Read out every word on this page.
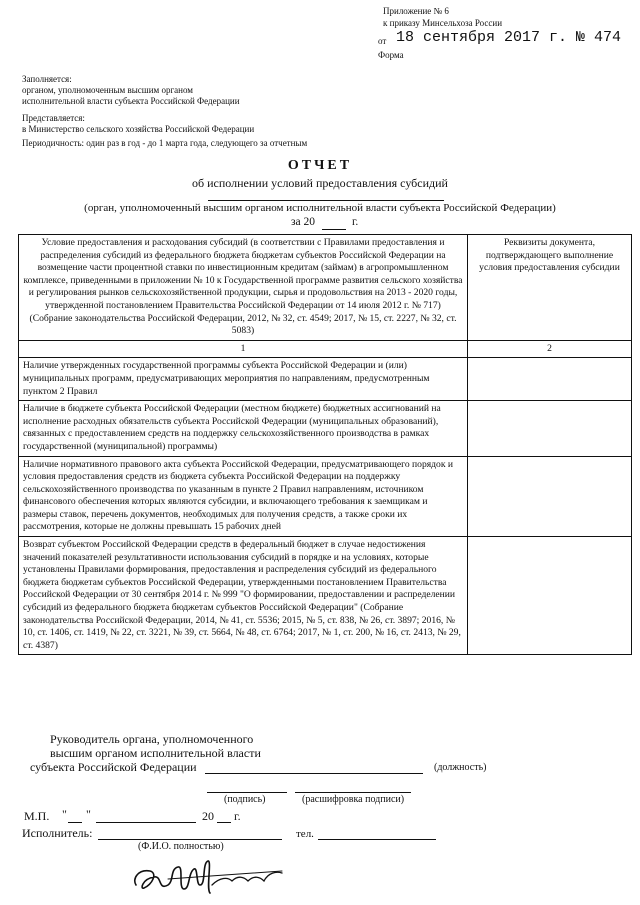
Приложение № 6
к приказу Минсельхоза России
от 18 сентября 2017 г. № 474
Форма
Заполняется:
органом, уполномоченным высшим органом
исполнительной власти субъекта Российской Федерации
Представляется:
в Министерство сельского хозяйства Российской Федерации
Периодичность: один раз в год - до 1 марта года, следующего за отчетным
ОТЧЕТ
об исполнении условий предоставления субсидий
(орган, уполномоченный высшим органом исполнительной власти субъекта Российской Федерации)
за 20	г.
Условие предоставления и расходования субсидий (в соответствии с Правилами предоставления и распределения субсидий из федерального бюджета бюджетам субъектов Российской Федерации на возмещение части процентной ставки по инвестиционным кредитам (займам) в агропромышленном комплексе, приведенными в приложении № 10 к Государственной программе развития сельского хозяйства и регулирования рынков сельскохозяйственной продукции, сырья и продовольствия на 2013 - 2020 годы, утвержденной постановлением Правительства Российской Федерации от 14 июля 2012 г. № 717) (Собрание законодательства Российской Федерации, 2012, № 32, ст. 4549; 2017, № 15, ст. 2227, № 32, ст. 5083)	Реквизиты документа, подтверждающего выполнение условия предоставления субсидии
1	2
Наличие утвержденных государственной программы субъекта Российской Федерации и (или) муниципальных программ, предусматривающих мероприятия по направлениям, предусмотренным пунктом 2 Правил	
Наличие в бюджете субъекта Российской Федерации (местном бюджете) бюджетных ассигнований на исполнение расходных обязательств субъекта Российской Федерации (муниципальных образований), связанных с предоставлением средств на поддержку сельскохозяйственного производства в рамках государственной (муниципальной) программы)	
Наличие нормативного правового акта субъекта Российской Федерации, предусматривающего порядок и условия предоставления средств из бюджета субъекта Российской Федерации на поддержку сельскохозяйственного производства по указанным в пункте 2 Правил направлениям, источником финансового обеспечения которых являются субсидии, и включающего требования к заемщикам и размеры ставок, перечень документов, необходимых для получения средств, а также сроки их рассмотрения, которые не должны превышать 15 рабочих дней	
Возврат субъектом Российской Федерации средств в федеральный бюджет в случае недостижения значений показателей результативности использования субсидий в порядке и на условиях, которые установлены Правилами формирования, предоставления и распределения субсидий из федерального бюджета бюджетам субъектов Российской Федерации, утвержденными постановлением Правительства Российской Федерации от 30 сентября 2014 г. № 999 "О формировании, предоставлении и распределении субсидий из федерального бюджета бюджетам субъектов Российской Федерации" (Собрание законодательства Российской Федерации, 2014, № 41, ст. 5536; 2015, № 5, ст. 838, № 26, ст. 3897; 2016, № 10, ст. 1406, ст. 1419, № 22, ст. 3221, № 39, ст. 5664, № 48, ст. 6764; 2017, № 1, ст. 200, № 16, ст. 2413, № 29, ст. 4387)	
Руководитель органа, уполномоченного
высшим органом исполнительной власти
субъекта Российской Федерации	(должность)
(подпись)	(расшифровка подписи)
М.П. " "	20 г.
Исполнитель:	тел.
(Ф.И.О. полностью)
